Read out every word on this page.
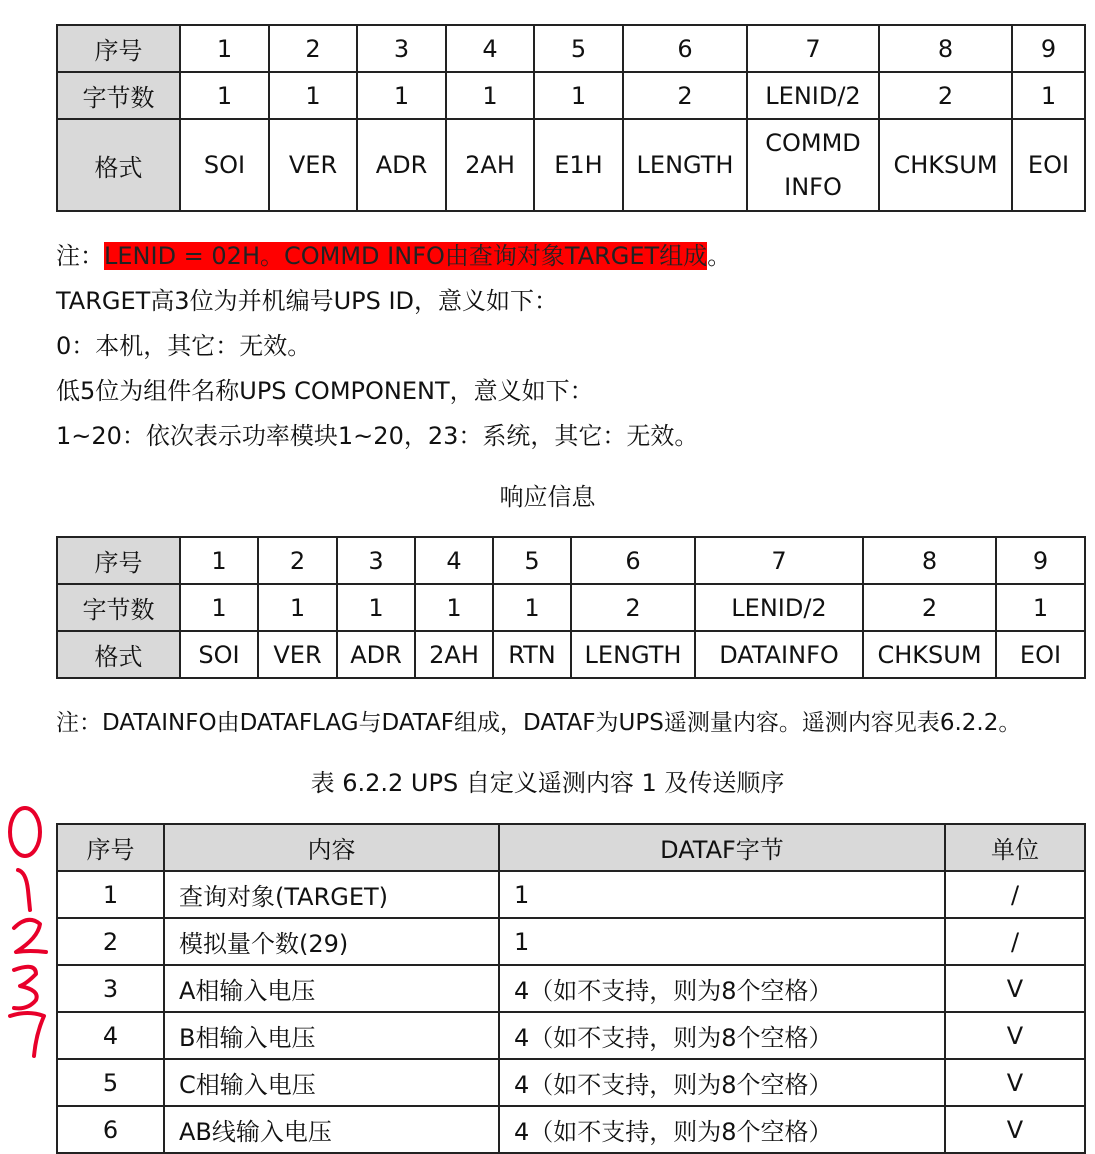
序号	1	2	3	4	5	6	7	8	9
字节数	1	1	1	1	1	2	LENID/2	2	1
格式	SOI	VER	ADR	2AH	E1H	LENGTH	COMMD INFO	CHKSUM	EOI
注：LENID = 02H。COMMD INFO由查询对象TARGET组成。
TARGET高3位为并机编号UPS ID，意义如下：
0：本机，其它：无效。
低5位为组件名称UPS COMPONENT，意义如下：
1~20：依次表示功率模块1~20，23：系统，其它：无效。
响应信息
序号	1	2	3	4	5	6	7	8	9
字节数	1	1	1	1	1	2	LENID/2	2	1
格式	SOI	VER	ADR	2AH	RTN	LENGTH	DATAINFO	CHKSUM	EOI
注：DATAINFO由DATAFLAG与DATAF组成，DATAF为UPS遥测量内容。遥测内容见表6.2.2。
表 6.2.2 UPS 自定义遥测内容 1 及传送顺序
序号	内容	DATAF字节	单位
1	查询对象(TARGET)	1	/
2	模拟量个数(29)	1	/
3	A相输入电压	4（如不支持，则为8个空格）	V
4	B相输入电压	4（如不支持，则为8个空格）	V
5	C相输入电压	4（如不支持，则为8个空格）	V
6	AB线输入电压	4（如不支持，则为8个空格）	V
